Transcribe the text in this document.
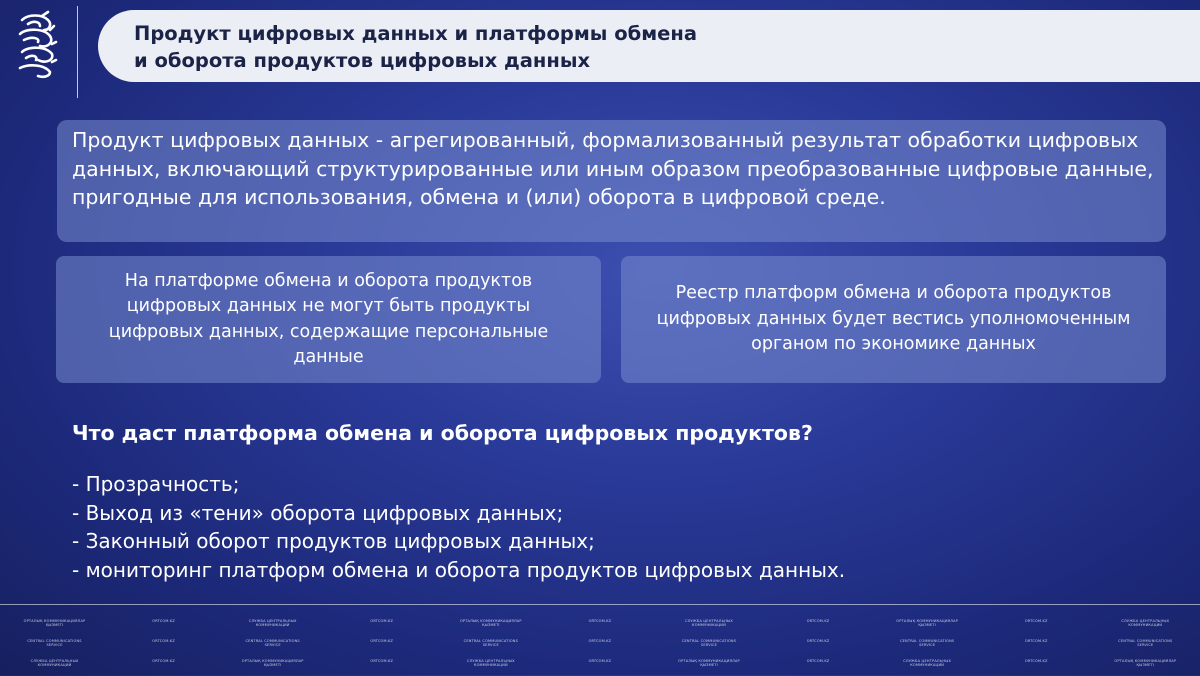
Продукт цифровых данных и платформы обмена
и оборота продуктов цифровых данных
Продукт цифровых данных - агрегированный, формализованный результат обработки цифровых данных, включающий структурированные или иным образом преобразованные цифровые данные, пригодные для использования, обмена и (или) оборота в цифровой среде.
На платформе обмена и оборота продуктов цифровых данных не могут быть продукты цифровых данных, содержащие персональные данные
Реестр платформ обмена и оборота продуктов цифровых данных будет вестись уполномоченным органом по экономике данных
Что даст платформа обмена и оборота цифровых продуктов?
- Прозрачность;
- Выход из «тени» оборота цифровых данных;
- Законный оборот продуктов цифровых данных;
- мониторинг платформ обмена и оборота продуктов цифровых данных.
ОРТАЛЫҚ КОММУНИКАЦИЯЛАР ҚЫЗМЕТІ
ORTCOM.KZ	СЛУЖБА ЦЕНТРАЛЬНЫХ КОММУНИКАЦИЙ
ORTCOM.KZ	ОРТАЛЫҚ КОММУНИКАЦИЯЛАР ҚЫЗМЕТІ
ORTCOM.KZ	СЛУЖБА ЦЕНТРАЛЬНЫХ КОММУНИКАЦИЙ
ORTCOM.KZ	ОРТАЛЫҚ КОММУНИКАЦИЯЛАР ҚЫЗМЕТІ
ORTCOM.KZ	СЛУЖБА ЦЕНТРАЛЬНЫХ КОММУНИКАЦИЙ
CENTRAL COMMUNICATIONS SERVICE
ORTCOM.KZ	CENTRAL COMMUNICATIONS SERVICE
ORTCOM.KZ	CENTRAL COMMUNICATIONS SERVICE
ORTCOM.KZ	CENTRAL COMMUNICATIONS SERVICE
ORTCOM.KZ	CENTRAL COMMUNICATIONS SERVICE
ORTCOM.KZ	CENTRAL COMMUNICATIONS SERVICE
СЛУЖБА ЦЕНТРАЛЬНЫХ КОММУНИКАЦИЙ
ORTCOM.KZ	ОРТАЛЫҚ КОММУНИКАЦИЯЛАР ҚЫЗМЕТІ
ORTCOM.KZ	СЛУЖБА ЦЕНТРАЛЬНЫХ КОММУНИКАЦИЙ
ORTCOM.KZ	ОРТАЛЫҚ КОММУНИКАЦИЯЛАР ҚЫЗМЕТІ
ORTCOM.KZ	СЛУЖБА ЦЕНТРАЛЬНЫХ КОММУНИКАЦИЙ
ORTCOM.KZ	ОРТАЛЫҚ КОММУНИКАЦИЯЛАР ҚЫЗМЕТІ
